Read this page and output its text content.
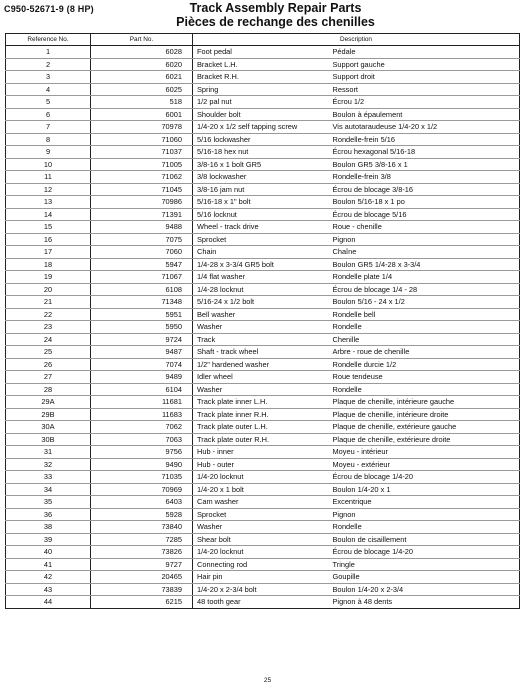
C950-52671-9 (8 HP)	Track Assembly Repair Parts
Pièces de rechange des chenilles
Reference No.	Part No.	Description	
1	6028	Foot pedal	Pédale
2	6020	Bracket L.H.	Support gauche
3	6021	Bracket R.H.	Support droit
4	6025	Spring	Ressort
5	518	1/2 pal nut	Écrou 1/2
6	6001	Shoulder bolt	Boulon à épaulement
7	70978	1/4-20 x 1/2 self tapping screw	Vis autotaraudeuse 1/4-20 x 1/2
8	71060	5/16 lockwasher	Rondelle-frein 5/16
9	71037	5/16-18 hex nut	Écrou hexagonal 5/16-18
10	71005	3/8-16 x 1 bolt GR5	Boulon GR5 3/8-16 x 1
11	71062	3/8 lockwasher	Rondelle-frein 3/8
12	71045	3/8-16 jam nut	Écrou de blocage 3/8-16
13	70986	5/16-18 x 1" bolt	Boulon 5/16-18 x 1 po
14	71391	5/16 locknut	Écrou de blocage 5/16
15	9488	Wheel - track drive	Roue - chenille
16	7075	Sprocket	Pignon
17	7060	Chain	Chaîne
18	5947	1/4-28 x 3-3/4 GR5 bolt	Boulon GR5 1/4-28 x 3-3/4
19	71067	1/4 flat washer	Rondelle plate 1/4
20	6108	1/4-28 locknut	Écrou de blocage 1/4 - 28
21	71348	5/16-24 x 1/2 bolt	Boulon 5/16 - 24 x 1/2
22	5951	Bell washer	Rondelle bell
23	5950	Washer	Rondelle
24	9724	Track	Chenille
25	9487	Shaft - track wheel	Arbre - roue de chenille
26	7074	1/2" hardened washer	Rondelle durcie 1/2
27	9489	Idler wheel	Roue tendeuse
28	6104	Washer	Rondelle
29A	11681	Track plate inner L.H.	Plaque de chenille, intérieure gauche
29B	11683	Track plate inner R.H.	Plaque de chenille, intérieure droite
30A	7062	Track plate outer L.H.	Plaque de chenille, extérieure gauche
30B	7063	Track plate outer R.H.	Plaque de chenille, extérieure droite
31	9756	Hub - inner	Moyeu - intérieur
32	9490	Hub - outer	Moyeu - extérieur
33	71035	1/4-20 locknut	Écrou de blocage 1/4-20
34	70969	1/4-20 x 1 bolt	Boulon 1/4-20 x 1
35	6403	Cam washer	Excentrique
36	5928	Sprocket	Pignon
38	73840	Washer	Rondelle
39	7285	Shear bolt	Boulon de cisaillement
40	73826	1/4-20 locknut	Écrou de blocage 1/4-20
41	9727	Connecting rod	Tringle
42	20465	Hair pin	Goupille
43	73839	1/4-20 x 2-3/4 bolt	Boulon 1/4-20 x 2-3/4
44	6215	48 tooth gear	Pignon à 48 dents
25
